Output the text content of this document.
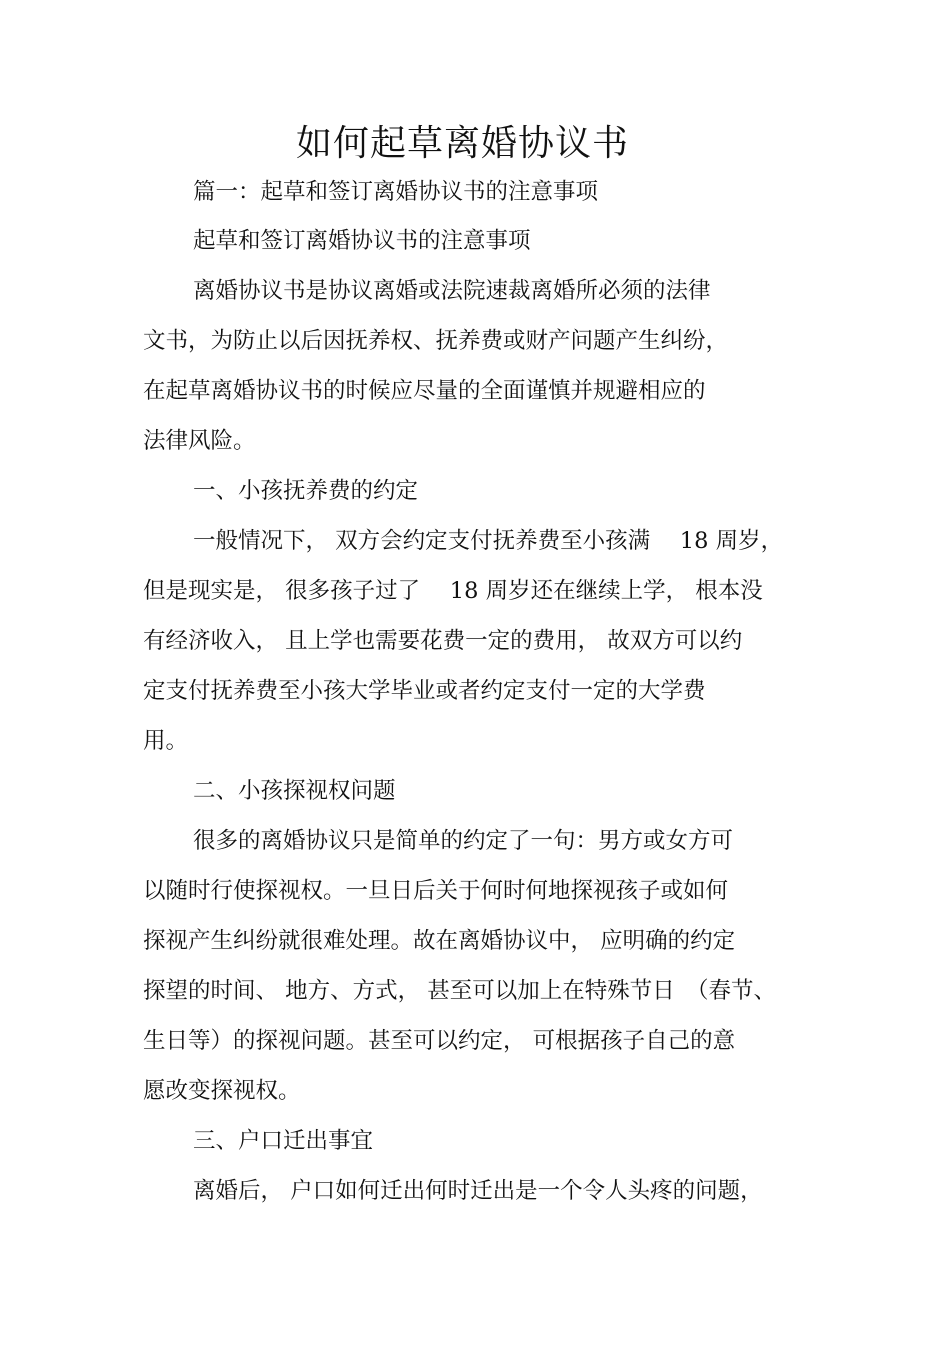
如何起草离婚协议书
篇一：起草和签订离婚协议书的注意事项
起草和签订离婚协议书的注意事项
离婚协议书是协议离婚或法院速裁离婚所必须的法律
文书，为防止以后因抚养权、抚养费或财产问题产生纠纷，
在起草离婚协议书的时候应尽量的全面谨慎并规避相应的
法律风险。
一、小孩抚养费的约定
一般情况下， 双方会约定支付抚养费至小孩满　 18 周岁，
但是现实是， 很多孩子过了　 18 周岁还在继续上学， 根本没
有经济收入， 且上学也需要花费一定的费用， 故双方可以约
定支付抚养费至小孩大学毕业或者约定支付一定的大学费
用。
二、小孩探视权问题
很多的离婚协议只是简单的约定了一句：男方或女方可
以随时行使探视权。一旦日后关于何时何地探视孩子或如何
探视产生纠纷就很难处理。故在离婚协议中， 应明确的约定
探望的时间、 地方、方式， 甚至可以加上在特殊节日　（春节、
生日等）的探视问题。甚至可以约定， 可根据孩子自己的意
愿改变探视权。
三、户口迁出事宜
离婚后， 户口如何迁出何时迁出是一个令人头疼的问题，
